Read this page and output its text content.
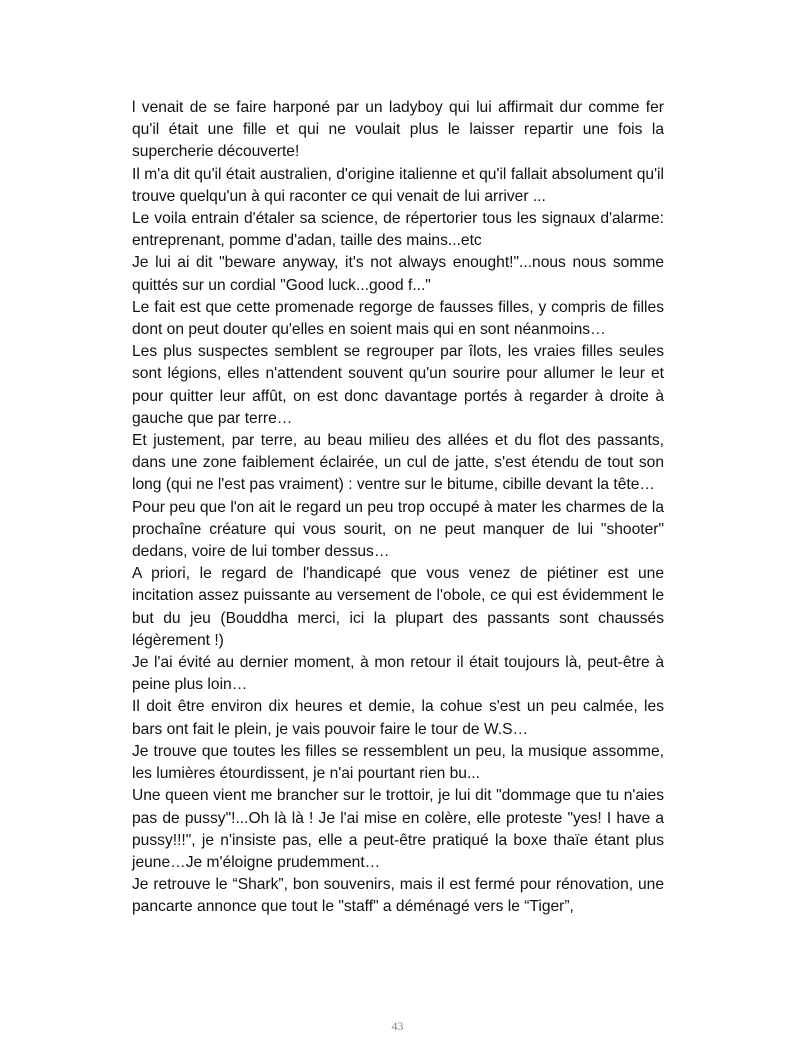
l venait de se faire harponé par un ladyboy qui lui affirmait dur comme fer qu'il était une fille et qui ne voulait plus le laisser repartir une fois la supercherie découverte!

Il m'a dit qu'il était australien, d'origine italienne et qu'il fallait absolument qu'il trouve quelqu'un à qui raconter ce qui venait de lui arriver ...

Le voila entrain d'étaler sa science, de répertorier tous les signaux d'alarme: entreprenant, pomme d'adan, taille des mains...etc

Je lui ai dit "beware anyway, it's not always enought!"...nous nous somme quittés sur un cordial "Good luck...good f..."

Le fait est que cette promenade regorge de fausses filles, y compris de filles dont on peut douter qu'elles en soient mais qui en sont néanmoins…

Les plus suspectes semblent se regrouper par îlots, les vraies filles seules sont légions, elles n'attendent souvent qu'un sourire pour allumer le leur et pour quitter leur affût, on est donc davantage portés à regarder à droite à gauche que par terre…

Et justement, par terre, au beau milieu des allées et du flot des passants, dans une zone faiblement éclairée, un cul de jatte, s'est étendu de tout son long (qui ne l'est pas vraiment) : ventre sur le bitume, cibille devant la tête…

Pour peu que l'on ait le regard un peu trop occupé à mater les charmes de la prochaîne créature qui vous sourit, on ne peut manquer de lui "shooter" dedans, voire de lui tomber dessus…

A priori, le regard de l'handicapé que vous venez de piétiner est une incitation assez puissante au versement de l'obole, ce qui est évidemment le but du jeu (Bouddha merci, ici la plupart des passants sont chaussés légèrement !)

Je l'ai évité au dernier moment, à mon retour il était toujours là, peut-être à peine plus loin…

Il doit être environ dix heures et demie, la cohue s'est un peu calmée, les bars ont fait le plein, je vais pouvoir faire le tour de W.S…

Je trouve que toutes les filles se ressemblent un peu, la musique assomme, les lumières étourdissent, je n'ai pourtant rien bu...

Une queen vient me brancher sur le trottoir, je lui dit "dommage que tu n'aies pas de pussy"!...Oh là là ! Je l'ai mise en colère, elle proteste "yes! I have a pussy!!!", je n'insiste pas, elle a peut-être pratiqué la boxe thaïe étant plus jeune…Je m'éloigne prudemment…

Je retrouve le “Shark”, bon souvenirs, mais il est fermé pour rénovation, une pancarte annonce que tout le "staff" a déménagé vers le “Tiger”,

43
